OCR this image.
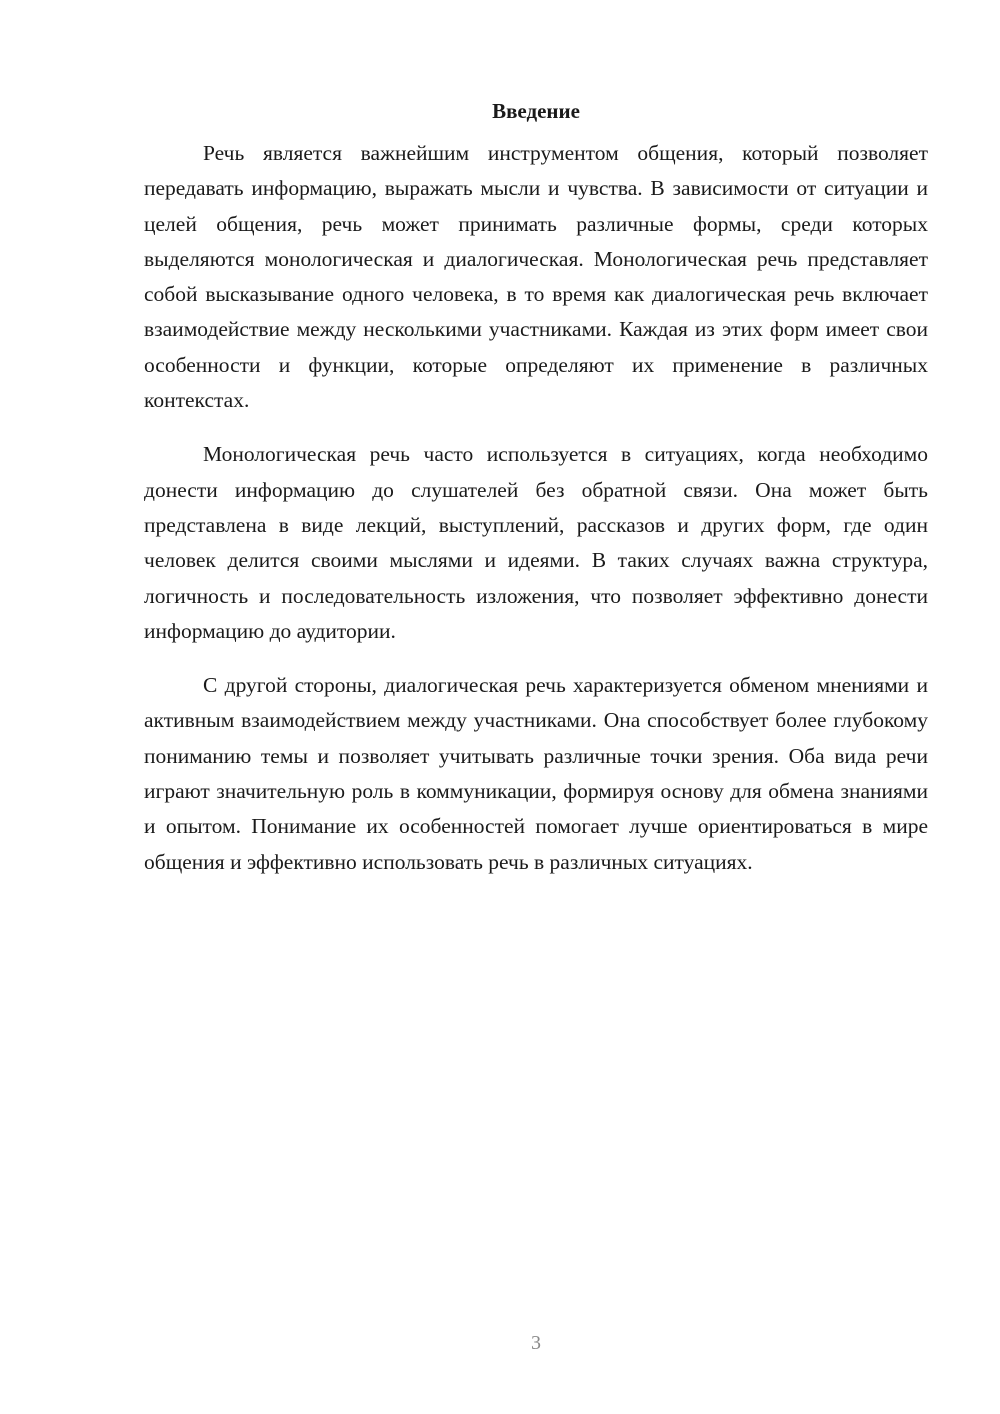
Введение

Речь является важнейшим инструментом общения, который позволяет передавать информацию, выражать мысли и чувства. В зависимости от ситуации и целей общения, речь может принимать различные формы, среди которых выделяются монологическая и диалогическая. Монологическая речь представляет собой высказывание одного человека, в то время как диалогическая речь включает взаимодействие между несколькими участниками. Каждая из этих форм имеет свои особенности и функции, которые определяют их применение в различных контекстах.

Монологическая речь часто используется в ситуациях, когда необходимо донести информацию до слушателей без обратной связи. Она может быть представлена в виде лекций, выступлений, рассказов и других форм, где один человек делится своими мыслями и идеями. В таких случаях важна структура, логичность и последовательность изложения, что позволяет эффективно донести информацию до аудитории.

С другой стороны, диалогическая речь характеризуется обменом мнениями и активным взаимодействием между участниками. Она способствует более глубокому пониманию темы и позволяет учитывать различные точки зрения. Оба вида речи играют значительную роль в коммуникации, формируя основу для обмена знаниями и опытом. Понимание их особенностей помогает лучше ориентироваться в мире общения и эффективно использовать речь в различных ситуациях.

3
